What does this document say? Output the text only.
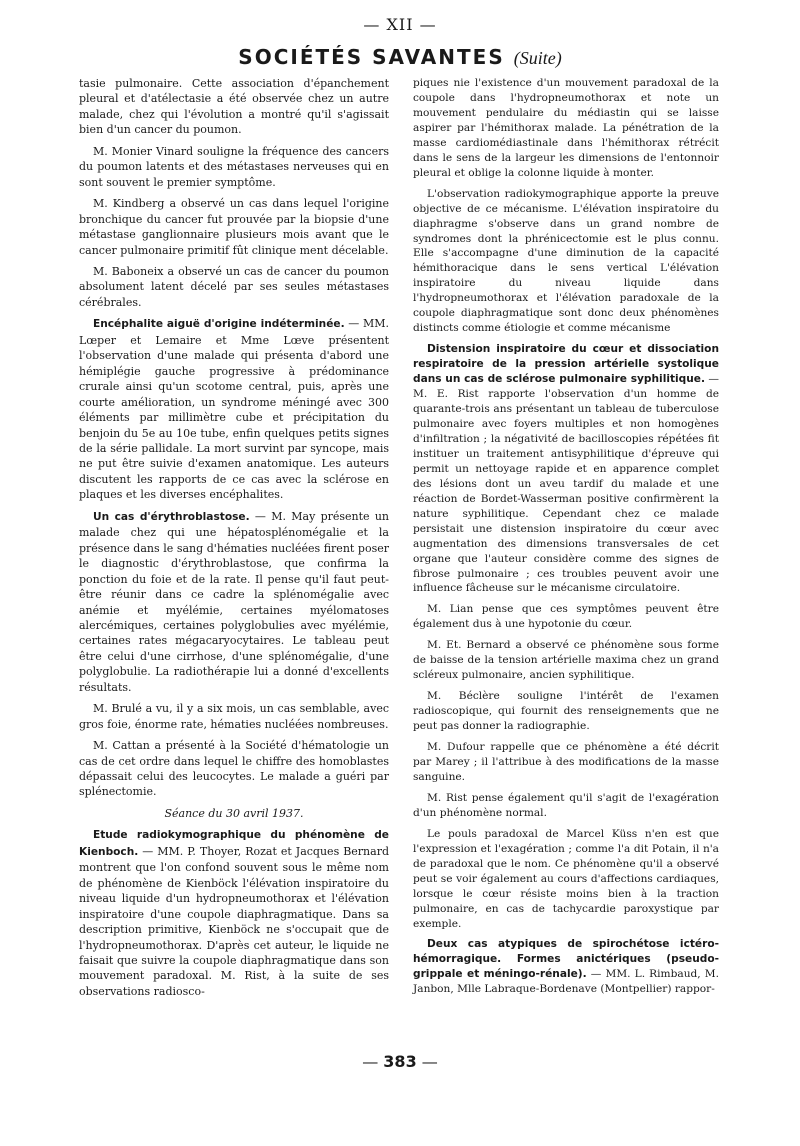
— XII —
SOCIÉTÉS SAVANTES (Suite)

tasie pulmonaire. Cette association d'épanchement pleural et d'atélectasie a été observée chez un autre malade, chez qui l'évolution a montré qu'il s'agissait bien d'un cancer du poumon.

M. Monier Vinard souligne la fréquence des cancers du poumon latents et des métastases nerveuses qui en sont souvent le premier symptôme.

M. Kindberg a observé un cas dans lequel l'origine bronchique du cancer fut prouvée par la biopsie d'une métastase ganglionnaire plusieurs mois avant que le cancer pulmonaire primitif fût clinique ment décelable.

M. Baboneix a observé un cas de cancer du poumon absolument latent décelé par ses seules métastases cérébrales.

Encéphalite aiguë d'origine indéterminée. — MM. Lœper et Lemaire et Mme Lœve présentent l'observation d'une malade qui présenta d'abord une hémiplégie gauche progressive à prédominance crurale ainsi qu'un scotome central, puis, après une courte amélioration, un syndrome méningé avec 300 éléments par millimètre cube et précipitation du benjoin du 5e au 10e tube, enfin quelques petits signes de la série pallidale. La mort survint par syncope, mais ne put être suivie d'examen anatomique. Les auteurs discutent les rapports de ce cas avec la sclérose en plaques et les diverses encéphalites.

Un cas d'érythroblastose. — M. May présente un malade chez qui une hépatosplénomégalie et la présence dans le sang d'hématies nucléées firent poser le diagnostic d'érythroblastose, que confirma la ponction du foie et de la rate. Il pense qu'il faut peut-être réunir dans ce cadre la splénomégalie avec anémie et myélémie, certaines myélomatoses alercémiques, certaines polyglobulies avec myélémie, certaines rates mégacaryocytaires. Le tableau peut être celui d'une cirrhose, d'une splénomégalie, d'une polyglobulie. La radiothérapie lui a donné d'excellents résultats.

M. Brulé a vu, il y a six mois, un cas semblable, avec gros foie, énorme rate, hématies nucléées nombreuses.

M. Cattan a présenté à la Société d'hématologie un cas de cet ordre dans lequel le chiffre des homoblastes dépassait celui des leucocytes. Le malade a guéri par splénectomie.

Séance du 30 avril 1937.

Etude radiokymographique du phénomène de Kienboch. — MM. P. Thoyer, Rozat et Jacques Bernard montrent que l'on confond souvent sous le même nom de phénomène de Kienböck l'élévation inspiratoire du niveau liquide d'un hydropneumothorax et l'élévation inspiratoire d'une coupole diaphragmatique. Dans sa description primitive, Kienböck ne s'occupait que de l'hydropneumothorax. D'après cet auteur, le liquide ne faisait que suivre la coupole diaphragmatique dans son mouvement paradoxal. M. Rist, à la suite de ses observations radiosco-

piques nie l'existence d'un mouvement paradoxal de la coupole dans l'hydropneumothorax et note un mouvement pendulaire du médiastin qui se laisse aspirer par l'hémithorax malade. La pénétration de la masse cardiomédiastinale dans l'hémithorax rétrécit dans le sens de la largeur les dimensions de l'entonnoir pleural et oblige la colonne liquide à monter.

L'observation radiokymographique apporte la preuve objective de ce mécanisme. L'élévation inspiratoire du diaphragme s'observe dans un grand nombre de syndromes dont la phrénicectomie est le plus connu. Elle s'accompagne d'une diminution de la capacité hémithoracique dans le sens vertical L'élévation inspiratoire du niveau liquide dans l'hydropneumothorax et l'élévation paradoxale de la coupole diaphragmatique sont donc deux phénomènes distincts comme étiologie et comme mécanisme

Distension inspiratoire du cœur et dissociation respiratoire de la pression artérielle systolique dans un cas de sclérose pulmonaire syphilitique. — M. E. Rist rapporte l'observation d'un homme de quarante-trois ans présentant un tableau de tuberculose pulmonaire avec foyers multiples et non homogènes d'infiltration ; la négativité de bacilloscopies répétées fit instituer un traitement antisyphilitique d'épreuve qui permit un nettoyage rapide et en apparence complet des lésions dont un aveu tardif du malade et une réaction de Bordet-Wasserman positive confirmèrent la nature syphilitique. Cependant chez ce malade persistait une distension inspiratoire du cœur avec augmentation des dimensions transversales de cet organe que l'auteur considère comme des signes de fibrose pulmonaire ; ces troubles peuvent avoir une influence fâcheuse sur le mécanisme circulatoire.

M. Lian pense que ces symptômes peuvent être également dus à une hypotonie du cœur.

M. Et. Bernard a observé ce phénomène sous forme de baisse de la tension artérielle maxima chez un grand scléreux pulmonaire, ancien syphilitique.

M. Béclère souligne l'intérêt de l'examen radioscopique, qui fournit des renseignements que ne peut pas donner la radiographie.

M. Dufour rappelle que ce phénomène a été décrit par Marey ; il l'attribue à des modifications de la masse sanguine.

M. Rist pense également qu'il s'agit de l'exagération d'un phénomène normal.

Le pouls paradoxal de Marcel Küss n'en est que l'expression et l'exagération ; comme l'a dit Potain, il n'a de paradoxal que le nom. Ce phénomène qu'il a observé peut se voir également au cours d'affections cardiaques, lorsque le cœur résiste moins bien à la traction pulmonaire, en cas de tachycardie paroxystique par exemple.

Deux cas atypiques de spirochétose ictéro-hémorragique. Formes anictériques (pseudo-grippale et méningo-rénale). — MM. L. Rimbaud, M. Janbon, Mlle Labraque-Bordenave (Montpellier) rappor-

— 383 —
